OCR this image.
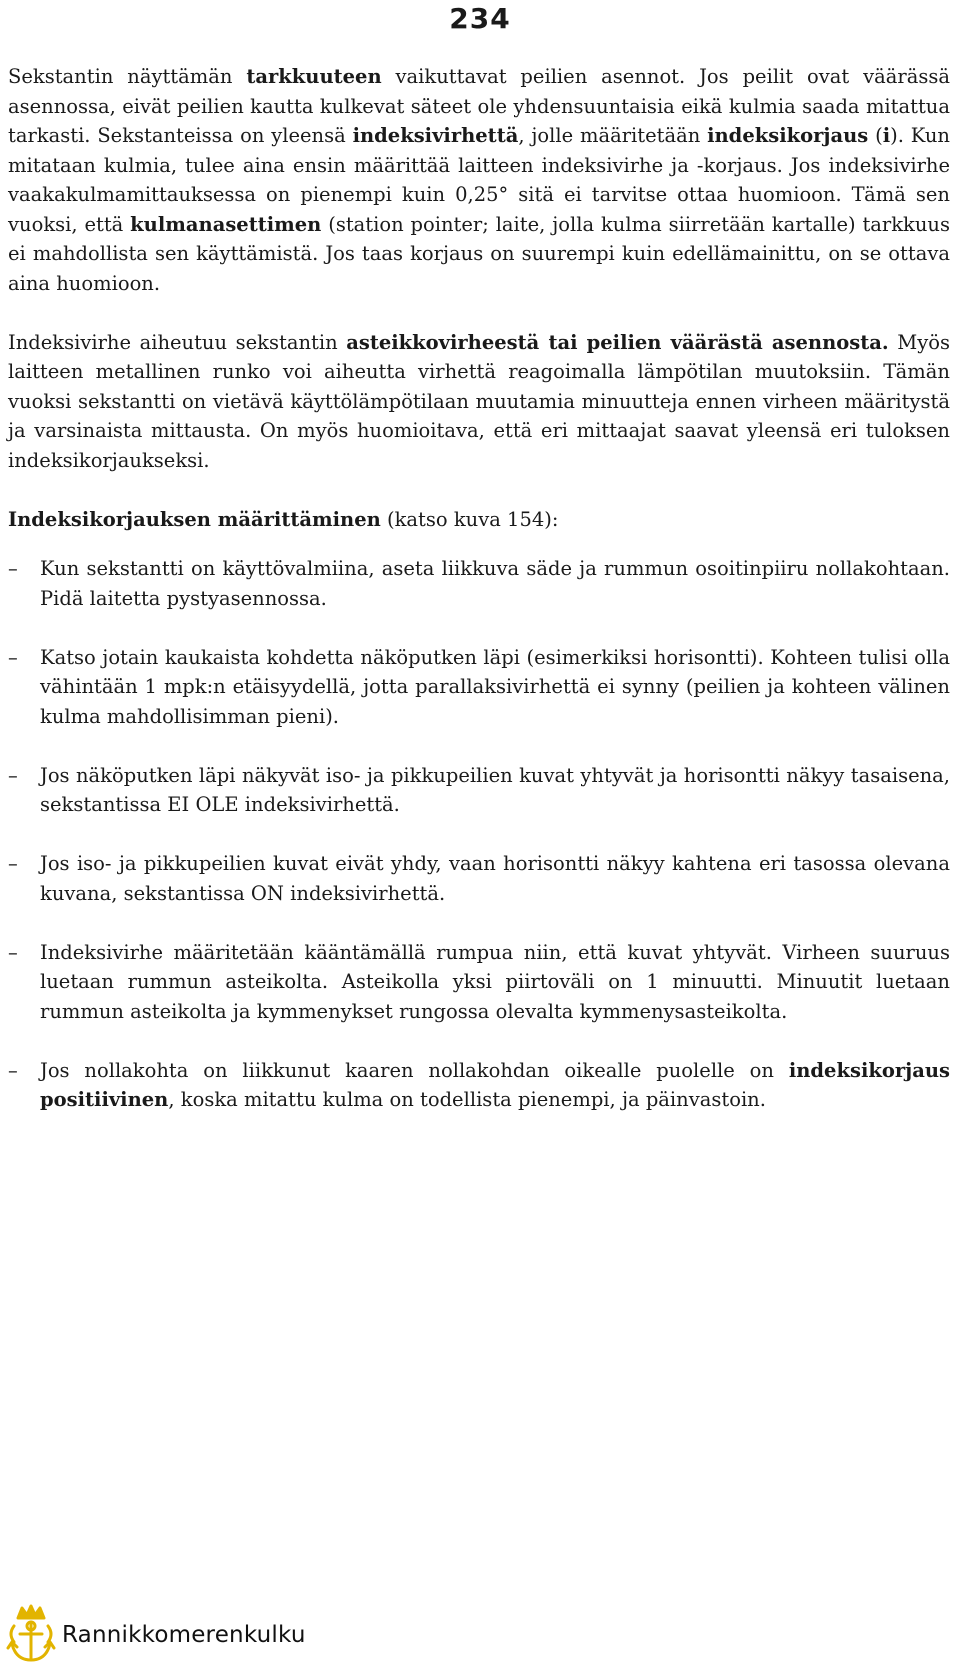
234

Sekstantin näyttämän tarkkuuteen vaikuttavat peilien asennot. Jos peilit ovat väärässä asennossa, eivät peilien kautta kulkevat säteet ole yhdensuuntaisia eikä kulmia saada mitattua tarkasti. Sekstanteissa on yleensä indeksivirhettä, jolle määritetään indeksikorjaus (i). Kun mitataan kulmia, tulee aina ensin määrittää laitteen indeksivirhe ja -korjaus. Jos indeksivirhe vaakakulmamittauksessa on pienempi kuin 0,25° sitä ei tarvitse ottaa huomioon. Tämä sen vuoksi, että kulmanasettimen (station pointer; laite, jolla kulma siirretään kartalle) tarkkuus ei mahdollista sen käyttämistä. Jos taas korjaus on suurempi kuin edellämainittu, on se ottava aina huomioon.

Indeksivirhe aiheutuu sekstantin asteikkovirheestä tai peilien väärästä asennosta. Myös laitteen metallinen runko voi aiheutta virhettä reagoimalla lämpötilan muutoksiin. Tämän vuoksi sekstantti on vietävä käyttölämpötilaan muutamia minuutteja ennen virheen määritystä ja varsinaista mittausta. On myös huomioitava, että eri mittaajat saavat yleensä eri tuloksen indeksikorjaukseksi.

Indeksikorjauksen määrittäminen (katso kuva 154):

– Kun sekstantti on käyttövalmiina, aseta liikkuva säde ja rummun osoitinpiiru nollakohtaan. Pidä laitetta pystyasennossa.
– Katso jotain kaukaista kohdetta näköputken läpi (esimerkiksi horisontti). Kohteen tulisi olla vähintään 1 mpk:n etäisyydellä, jotta parallaksivirhettä ei synny (peilien ja kohteen välinen kulma mahdollisimman pieni).
– Jos näköputken läpi näkyvät iso- ja pikkupeilien kuvat yhtyvät ja horisontti näkyy tasaisena, sekstantissa EI OLE indeksivirhettä.
– Jos iso- ja pikkupeilien kuvat eivät yhdy, vaan horisontti näkyy kahtena eri tasossa olevana kuvana, sekstantissa ON indeksivirhettä.
– Indeksivirhe määritetään kääntämällä rumpua niin, että kuvat yhtyvät. Virheen suuruus luetaan rummun asteikolta. Asteikolla yksi piirtoväli on 1 minuutti. Minuutit luetaan rummun asteikolta ja kymmenykset rungossa olevalta kymmenysasteikolta.
– Jos nollakohta on liikkunut kaaren nollakohdan oikealle puolelle on indeksikorjaus positiivinen, koska mitattu kulma on todellista pienempi, ja päinvastoin.
Rannikkomerenkulku
